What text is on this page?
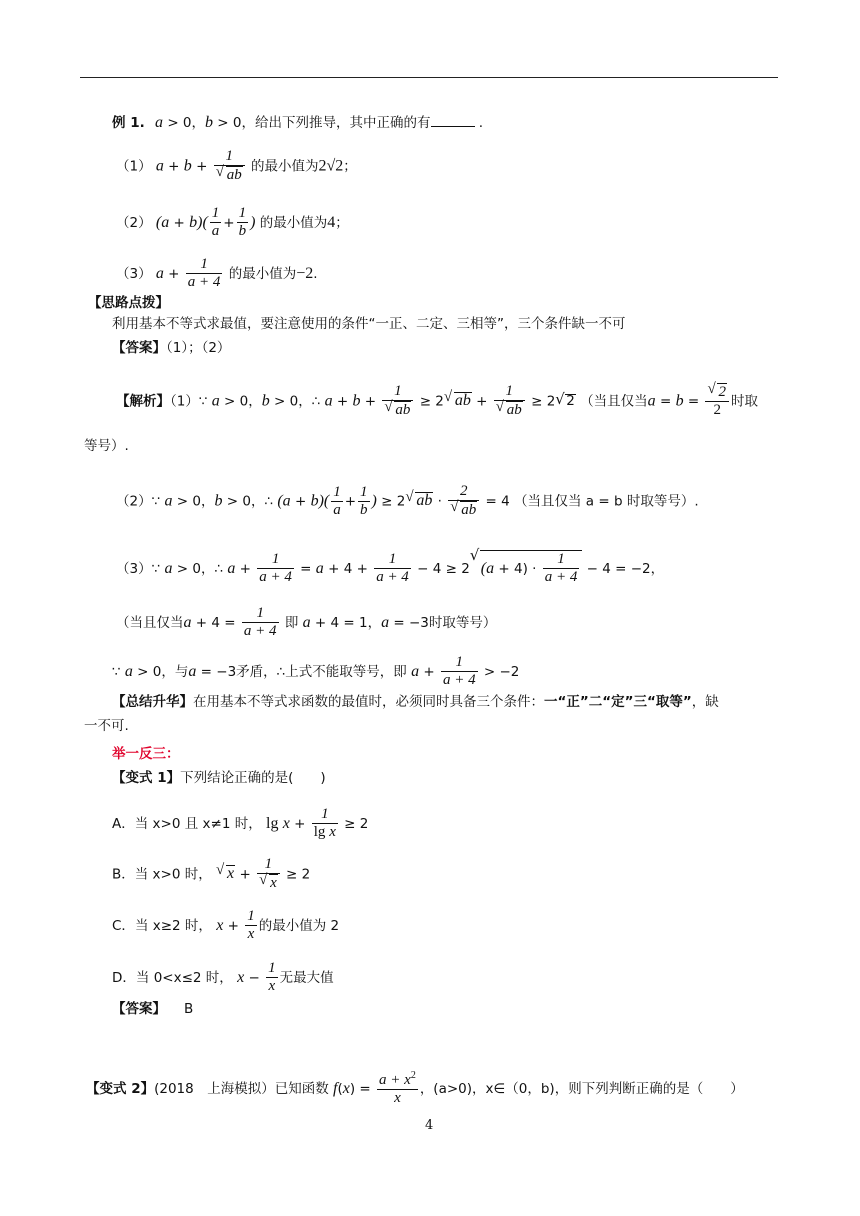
例 1. a > 0，b > 0，给出下列推导，其中正确的有	.
（1） a + b + 1
√ ab 的最小值为2√2；
（2） $(a + b)( \frac{1}{a} + \frac{1}{b}$ ) 的最小值为4；
（3） $a + \frac{1}{a + 4}$ 的最小值为−2.
【思路点拨】
利用基本不等式求最值，要注意使用的条件“一正、二定、三相等”，三个条件缺一不可
【答案】（1）；（2）
【解析】（1）∵ a > 0，b > 0，∴ a + b + 1
√ ab ≥ 2√ ab + 1
√ ab ≥ 2√ 2 （当且仅当a = b =
√ $\frac{2}{2}$ 时取
等号）.
（2）∵ a > 0，b > 0，∴ $(a + b)( \frac{1}{a} + \frac{1}{b}$ ) ≥ 2√ ab · 2
√ ab = 4 （当且仅当 a = b 时取等号）.
（3）∵ a > 0，∴ $a + \frac{1}{a + 4} = a + 4 + \frac{1}{a + 4} - 4 \ge 2√$ $(a + 4) \cdot \frac{1}{a + 4} - 4 = -2$，
（当且仅当$a + 4 = \frac{1}{a + 4}$ 即 a + 4 = 1，a = −3时取等号）
∵ a > 0，与a = −3矛盾，∴上式不能取等号，即 $a + \frac{1}{a + 4} > -2$
【总结升华】在用基本不等式求函数的最值时，必须同时具备三个条件：一“正”二“定”三“取等”，缺
一不可.
举一反三：
【变式 1】下列结论正确的是(　　)
A．当 x>0 且 x≠1 时， $\lg x + \frac{1}{\text{lg x}} \ge 2$
B．当 x>0 时， √ x + 1
√ x ≥ 2
C．当 x≥2 时， $x + \frac{1}{x}$ 的最小值为 2
D．当 0<x≤2 时， $x - \frac{1}{x}$ 无最大值
【答案】 B
【变式 2】(2018　上海模拟）已知函数 $f(x) = \frac{a + x^2}{x}$ ，(a>0)，x∈（0，b)，则下列判断正确的是（　　）
4
